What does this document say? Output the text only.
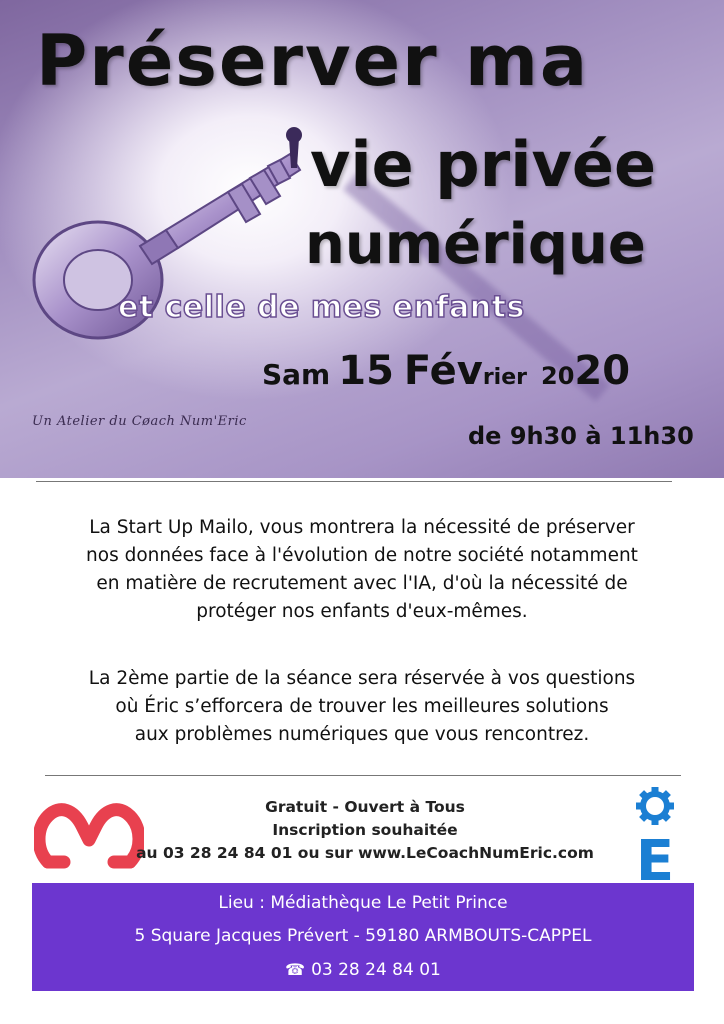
Préserver ma
vie privée
numérique
et celle de mes enfants
Sam 15 Février 2020
Un Atelier du Cøach Num'Eric
de 9h30 à 11h30
La Start Up Mailo, vous montrera la nécessité de préserver
nos données face à l'évolution de notre société notamment
en matière de recrutement avec l'IA, d'où la nécessité de
protéger nos enfants d'eux-mêmes.
La 2ème partie de la séance sera réservée à vos questions
où Éric s’efforcera de trouver les meilleures solutions
aux problèmes numériques que vous rencontrez.
Gratuit - Ouvert à Tous
Inscription souhaitée
au 03 28 24 84 01 ou sur www.LeCoachNumEric.com E
Lieu : Médiathèque Le Petit Prince
5 Square Jacques Prévert - 59180 ARMBOUTS-CAPPEL
☎ 03 28 24 84 01
